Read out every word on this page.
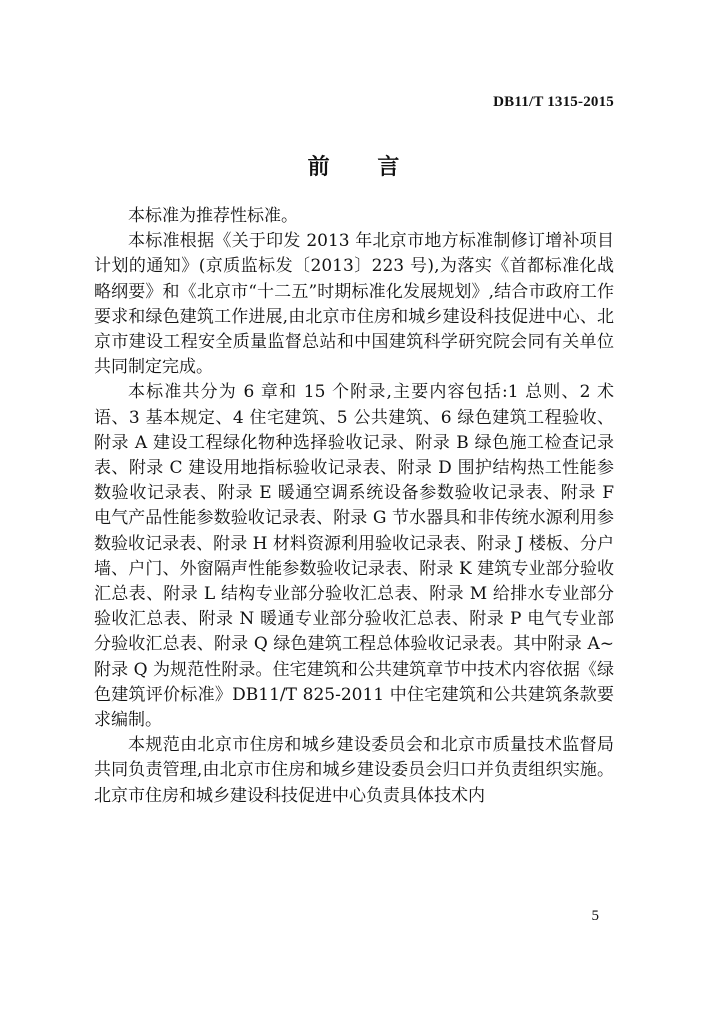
DB11/T 1315-2015
前 言

本标准为推荐性标准。

本标准根据《关于印发 2013 年北京市地方标准制修订增补项目计划的通知》(京质监标发〔2013〕223 号),为落实《首都标准化战略纲要》和《北京市“十二五”时期标准化发展规划》,结合市政府工作要求和绿色建筑工作进展,由北京市住房和城乡建设科技促进中心、北京市建设工程安全质量监督总站和中国建筑科学研究院会同有关单位共同制定完成。

本标准共分为 6 章和 15 个附录,主要内容包括:1 总则、2 术语、3 基本规定、4 住宅建筑、5 公共建筑、6 绿色建筑工程验收、附录 A 建设工程绿化物种选择验收记录、附录 B 绿色施工检查记录表、附录 C 建设用地指标验收记录表、附录 D 围护结构热工性能参数验收记录表、附录 E 暖通空调系统设备参数验收记录表、附录 F 电气产品性能参数验收记录表、附录 G 节水器具和非传统水源利用参数验收记录表、附录 H 材料资源利用验收记录表、附录 J 楼板、分户墙、户门、外窗隔声性能参数验收记录表、附录 K 建筑专业部分验收汇总表、附录 L 结构专业部分验收汇总表、附录 M 给排水专业部分验收汇总表、附录 N 暖通专业部分验收汇总表、附录 P 电气专业部分验收汇总表、附录 Q 绿色建筑工程总体验收记录表。其中附录 A~附录 Q 为规范性附录。住宅建筑和公共建筑章节中技术内容依据《绿色建筑评价标准》DB11/T 825-2011 中住宅建筑和公共建筑条款要求编制。

本规范由北京市住房和城乡建设委员会和北京市质量技术监督局共同负责管理,由北京市住房和城乡建设委员会归口并负责组织实施。北京市住房和城乡建设科技促进中心负责具体技术内

5
